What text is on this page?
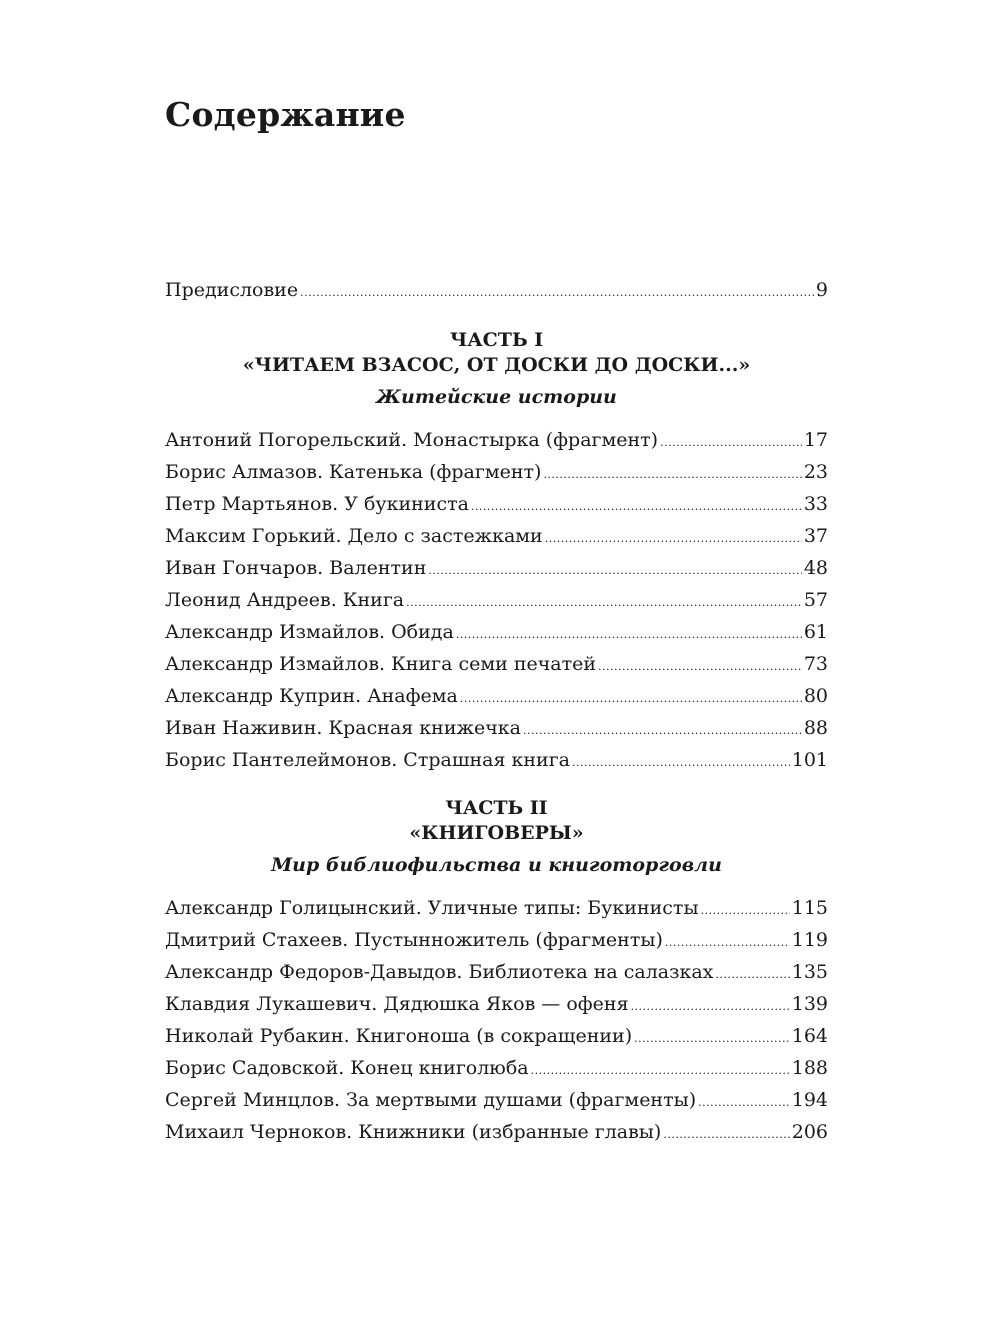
Содержание
Предисловие .....	9
ЧАСТЬ I
«ЧИТАЕМ ВЗАСОС, ОТ ДОСКИ ДО ДОСКИ...»
Житейские истории
Антоний Погорельский. Монастырка (фрагмент) .....	17
Борис Алмазов. Катенька (фрагмент) .....	23
Петр Мартьянов. У букиниста .....	33
Максим Горький. Дело с застежками .....	37
Иван Гончаров. Валентин .....	48
Леонид Андреев. Книга .....	57
Александр Измайлов. Обида .....	61
Александр Измайлов. Книга семи печатей .....	73
Александр Куприн. Анафема .....	80
Иван Наживин. Красная книжечка .....	88
Борис Пантелеймонов. Страшная книга .....	101
ЧАСТЬ II
«КНИГОВЕРЫ»
Мир библиофильства и книготорговли
Александр Голицынский. Уличные типы: Букинисты .....	115
Дмитрий Стахеев. Пустынножитель (фрагменты) .....	119
Александр Федоров-Давыдов. Библиотека на салазках .....	135
Клавдия Лукашевич. Дядюшка Яков — офеня .....	139
Николай Рубакин. Книгоноша (в сокращении) .....	164
Борис Садовской. Конец книголюба .....	188
Сергей Минцлов. За мертвыми душами (фрагменты) .....	194
Михаил Черноков. Книжники (избранные главы) .....	206
